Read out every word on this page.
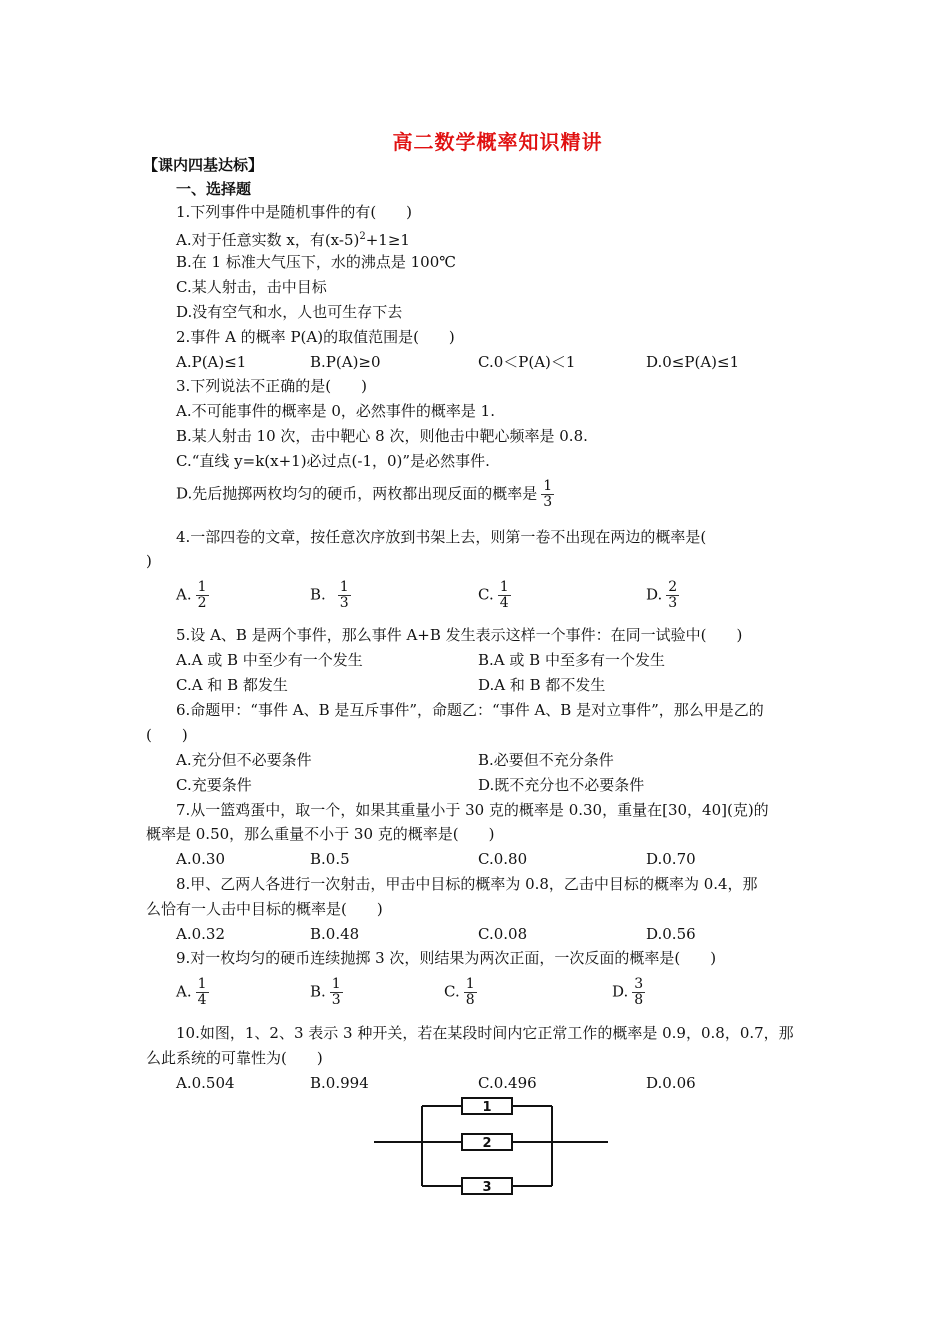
高二数学概率知识精讲
【课内四基达标】
一、选择题
1.下列事件中是随机事件的有(　　)
A.对于任意实数 x，有$(x-5)^2+1\ge 1$
B.在 1 标准大气压下，水的沸点是 100℃
C.某人射击，击中目标
D.没有空气和水，人也可生存下去
2.事件 A 的概率 P(A)的取值范围是(　　)
A.P(A)≤1	B.P(A)≥0	C.0＜P(A)＜1	D.0≤P(A)≤1
3.下列说法不正确的是(　　)
A.不可能事件的概率是 0，必然事件的概率是 1.
B.某人射击 10 次，击中靶心 8 次，则他击中靶心频率是 0.8.
C.“直线 y=k(x+1)必过点(-1，0)”是必然事件.
D.先后抛掷两枚均匀的硬币，两枚都出现反面的概率是 $\frac{1}{3}$
4.一部四卷的文章，按任意次序放到书架上去，则第一卷不出现在两边的概率是(
)
A. $\frac{1}{2}$	B. $\frac{1}{3}$	C. $\frac{1}{4}$	D. $\frac{2}{3}$
5.设 A、B 是两个事件，那么事件 A+B 发生表示这样一个事件：在同一试验中(　　)
A.A 或 B 中至少有一个发生	B.A 或 B 中至多有一个发生
C.A 和 B 都发生	D.A 和 B 都不发生
6.命题甲：“事件 A、B 是互斥事件”，命题乙：“事件 A、B 是对立事件”，那么甲是乙的
(　　)
A.充分但不必要条件	B.必要但不充分条件
C.充要条件	D.既不充分也不必要条件
7.从一篮鸡蛋中，取一个，如果其重量小于 30 克的概率是 0.30，重量在[30，40](克)的
概率是 0.50，那么重量不小于 30 克的概率是(　　)
A.0.30	B.0.5	C.0.80	D.0.70
8.甲、乙两人各进行一次射击，甲击中目标的概率为 0.8，乙击中目标的概率为 0.4，那
么恰有一人击中目标的概率是(　　)
A.0.32	B.0.48	C.0.08	D.0.56
9.对一枚均匀的硬币连续抛掷 3 次，则结果为两次正面，一次反面的概率是(　　)
A. $\frac{1}{4}$	B. $\frac{1}{3}$	C. $\frac{1}{8}$	D. $\frac{3}{8}$
10.如图，1、2、3 表示 3 种开关，若在某段时间内它正常工作的概率是 0.9，0.8，0.7，那
么此系统的可靠性为(　　)
A.0.504	B.0.994	C.0.496	D.0.06
1
2
3
